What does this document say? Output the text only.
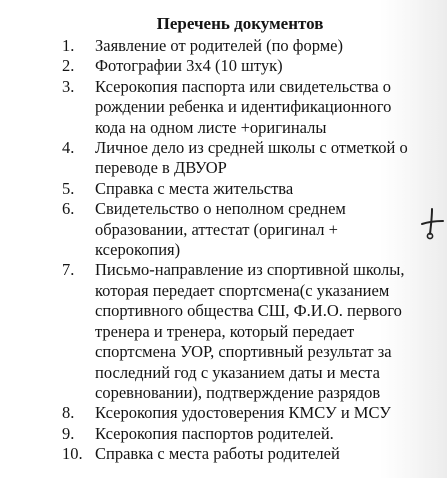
Перечень документов
1.	Заявление от родителей (по форме)
2.	Фотографии 3х4 (10 штук)
3.	Ксерокопия паспорта или свидетельства о
рождении ребенка и идентификационного
кода на одном листе +оригиналы
4.	Личное дело из средней школы с отметкой о
переводе в ДВУОР
5.	Справка с места жительства
6.	Свидетельство о неполном среднем
образовании, аттестат (оригинал +
ксерокопия)
7.	Письмо-направление из спортивной школы,
которая передает спортсмена(с указанием
спортивного общества СШ, Ф.И.О. первого
тренера и тренера, который передает
спортсмена УОР, спортивный результат за
последний год с указанием даты и места
соревновании), подтверждение разрядов
8.	Ксерокопия удостоверения КМСУ и МСУ
9.	Ксерокопия паспортов родителей.
10. Справка с места работы родителей
